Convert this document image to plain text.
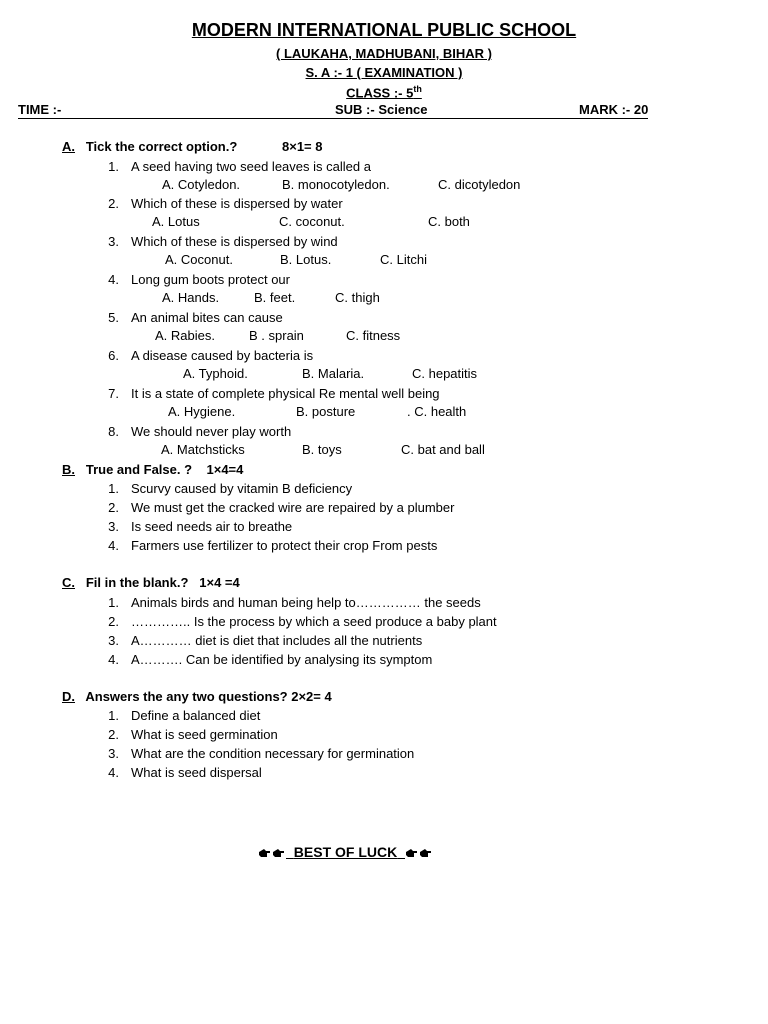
MODERN INTERNATIONAL PUBLIC SCHOOL
( LAUKAHA, MADHUBANI, BIHAR )
S. A :- 1 ( EXAMINATION )
CLASS :- 5th
TIME :-	SUB :- Science	MARK :- 20
A. Tick the correct option.?	8×1= 8
1. A seed having two seed leaves is called a
A. Cotyledon.	B. monocotyledon.	C. dicotyledon
2. Which of these is dispersed by water
A. Lotus	C. coconut.	C. both
3. Which of these is dispersed by wind
A. Coconut.	B. Lotus.	C. Litchi
4. Long gum boots protect our
A. Hands.	B. feet.	C. thigh
5. An animal bites can cause
A. Rabies.	B . sprain	C. fitness
6. A disease caused by bacteria is
A. Typhoid.	B. Malaria.	C. hepatitis
7. It is a state of complete physical Re mental well being
A. Hygiene.	B. posture	. C. health
8. We should never play worth
A. Matchsticks	B. toys	C. bat and ball
B. True and False. ? 1×4=4
1. Scurvy caused by vitamin B deficiency
2. We must get the cracked wire are repaired by a plumber
3. Is seed needs air to breathe
4. Farmers use fertilizer to protect their crop From pests
C. Fil in the blank.? 1×4 =4
1. Animals birds and human being help to…………… the seeds
2. ………….. Is the process by which a seed produce a baby plant
3. A………… diet is diet that includes all the nutrients
4. A………. Can be identified by analysing its symptom
D. Answers the any two questions? 2×2= 4
1. Define a balanced diet
2. What is seed germination
3. What are the condition necessary for germination
4. What is seed dispersal
BEST OF LUCK
